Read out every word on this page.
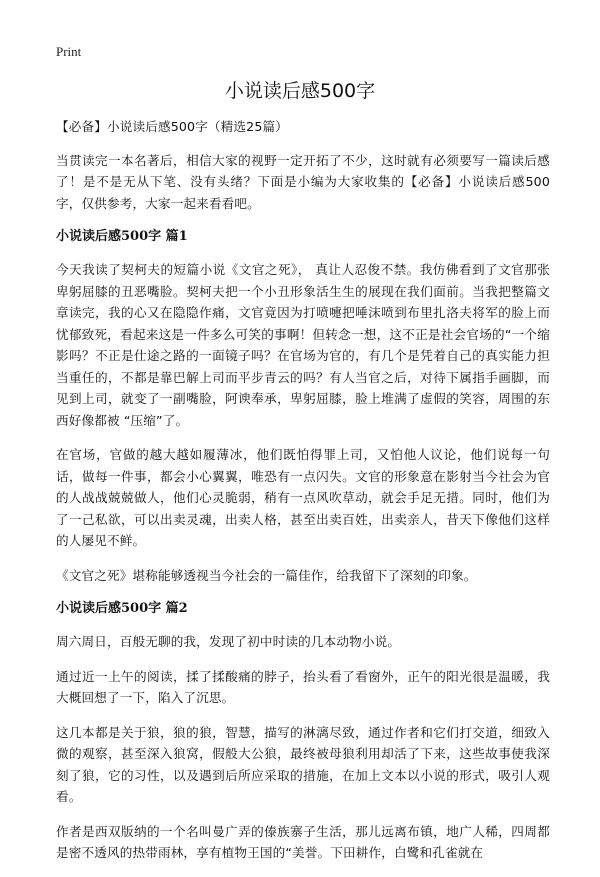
Print
小说读后感500字

【必备】小说读后感500字（精选25篇）

当贯读完一本名著后，相信大家的视野一定开拓了不少，这时就有必须要写一篇读后感了！是不是无从下笔、没有头绪？下面是小编为大家收集的【必备】小说读后感500字，仅供参考，大家一起来看看吧。

小说读后感500字 篇1

今天我读了契柯夫的短篇小说《文官之死》， 真让人忍俊不禁。我仿佛看到了文官那张卑躬屈膝的丑恶嘴脸。契柯夫把一个小丑形象活生生的展现在我们面前。当我把整篇文章读完，我的心又在隐隐作痛，文官竟因为打喷嚏把唾沫喷到布里扎洛夫将军的脸上而忧郁致死，看起来这是一件多么可笑的事啊！但转念一想，这不正是社会官场的“一个缩影吗？不正是仕途之路的一面镜子吗？在官场为官的，有几个是凭着自己的真实能力担当重任的，不都是靠巴解上司而平步青云的吗？有人当官之后，对待下属指手画脚，而见到上司，就变了一副嘴脸，阿谀奉承，卑躬屈膝，脸上堆满了虚假的笑容，周围的东西好像都被 “压缩”了。

在官场，官做的越大越如履薄冰，他们既怕得罪上司，又怕他人议论，他们说每一句话，做每一件事，都会小心翼翼，唯恐有一点闪失。文官的形象意在影射当今社会为官的人战战兢兢做人，他们心灵脆弱，稍有一点风吹草动，就会手足无措。同时，他们为了一己私欲，可以出卖灵魂，出卖人格，甚至出卖百姓，出卖亲人，昔天下像他们这样的人屡见不鲜。

《文官之死》堪称能够透视当今社会的一篇佳作，给我留下了深刻的印象。

小说读后感500字 篇2

周六周日，百般无聊的我，发现了初中时读的几本动物小说。

通过近一上午的阅读，揉了揉酸痛的脖子，抬头看了看窗外，正午的阳光很是温暖，我大概回想了一下，陷入了沉思。

这几本都是关于狼，狼的狼，智慧，描写的淋漓尽致，通过作者和它们打交道，细致入微的观察，甚至深入狼窝，假般大公狼，最终被母狼利用却活了下来，这些故事使我深刻了狼，它的习性，以及遇到后所应采取的措施，在加上文本以小说的形式，吸引人观看。

作者是西双版纳的一个名叫曼广弄的傣族寨子生活，那儿远离布镇，地广人稀，四周都是密不透风的热带雨林，享有植物王国的“美誉。下田耕作，白鹭和孔雀就在
